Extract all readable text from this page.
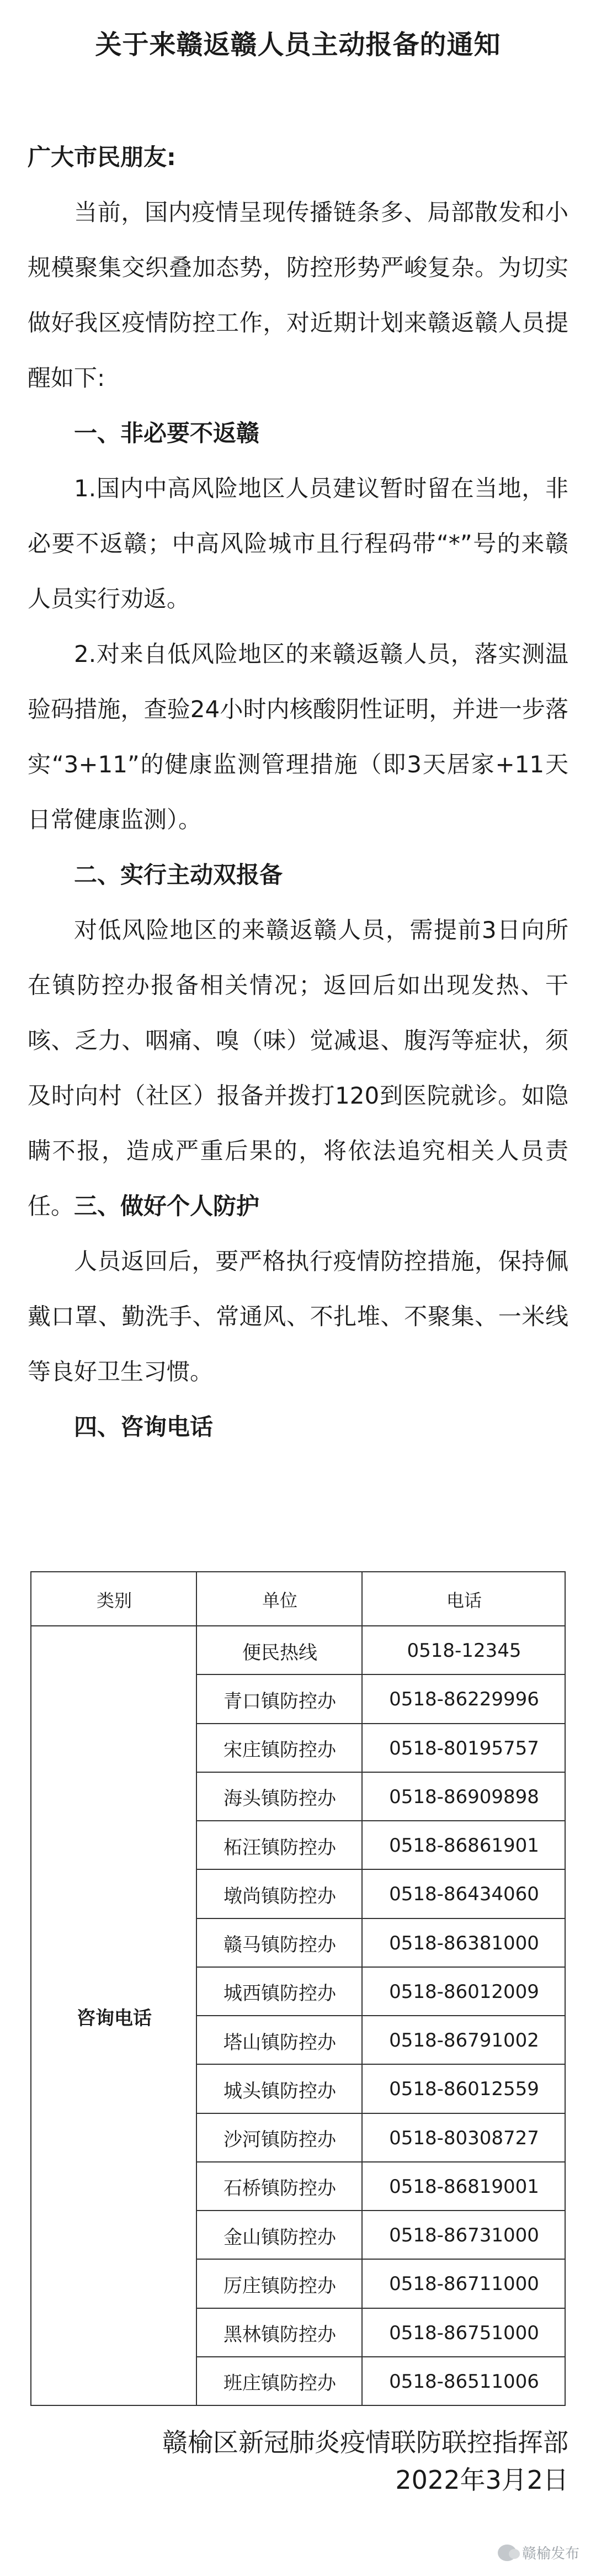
关于来赣返赣人员主动报备的通知

广大市民朋友:

当前，国内疫情呈现传播链条多、局部散发和小规模聚集交织叠加态势，防控形势严峻复杂。为切实做好我区疫情防控工作，对近期计划来赣返赣人员提醒如下:

一、非必要不返赣

1.国内中高风险地区人员建议暂时留在当地，非必要不返赣；中高风险城市且行程码带“*”号的来赣人员实行劝返。

2.对来自低风险地区的来赣返赣人员，落实测温验码措施，查验24小时内核酸阴性证明，并进一步落实“3+11”的健康监测管理措施（即3天居家+11天日常健康监测）。

二、实行主动双报备

对低风险地区的来赣返赣人员，需提前3日向所在镇防控办报备相关情况；返回后如出现发热、干咳、乏力、咽痛、嗅（味）觉减退、腹泻等症状，须及时向村（社区）报备并拨打120到医院就诊。如隐瞒不报，造成严重后果的，将依法追究相关人员责任。 三、做好个人防护

人员返回后，要严格执行疫情防控措施，保持佩戴口罩、勤洗手、常通风、不扎堆、不聚集、一米线等良好卫生习惯。

四、咨询电话

类别	单位	电话
咨询电话
便民热线	0518-12345
青口镇防控办	0518-86229996
宋庄镇防控办	0518-80195757
海头镇防控办	0518-86909898
柘汪镇防控办	0518-86861901
墩尚镇防控办	0518-86434060
赣马镇防控办	0518-86381000
城西镇防控办	0518-86012009
塔山镇防控办	0518-86791002
城头镇防控办	0518-86012559
沙河镇防控办	0518-80308727
石桥镇防控办	0518-86819001
金山镇防控办	0518-86731000
厉庄镇防控办	0518-86711000
黑林镇防控办	0518-86751000
班庄镇防控办	0518-86511006
赣榆区新冠肺炎疫情联防联控指挥部
2022年3月2日
赣榆发布
